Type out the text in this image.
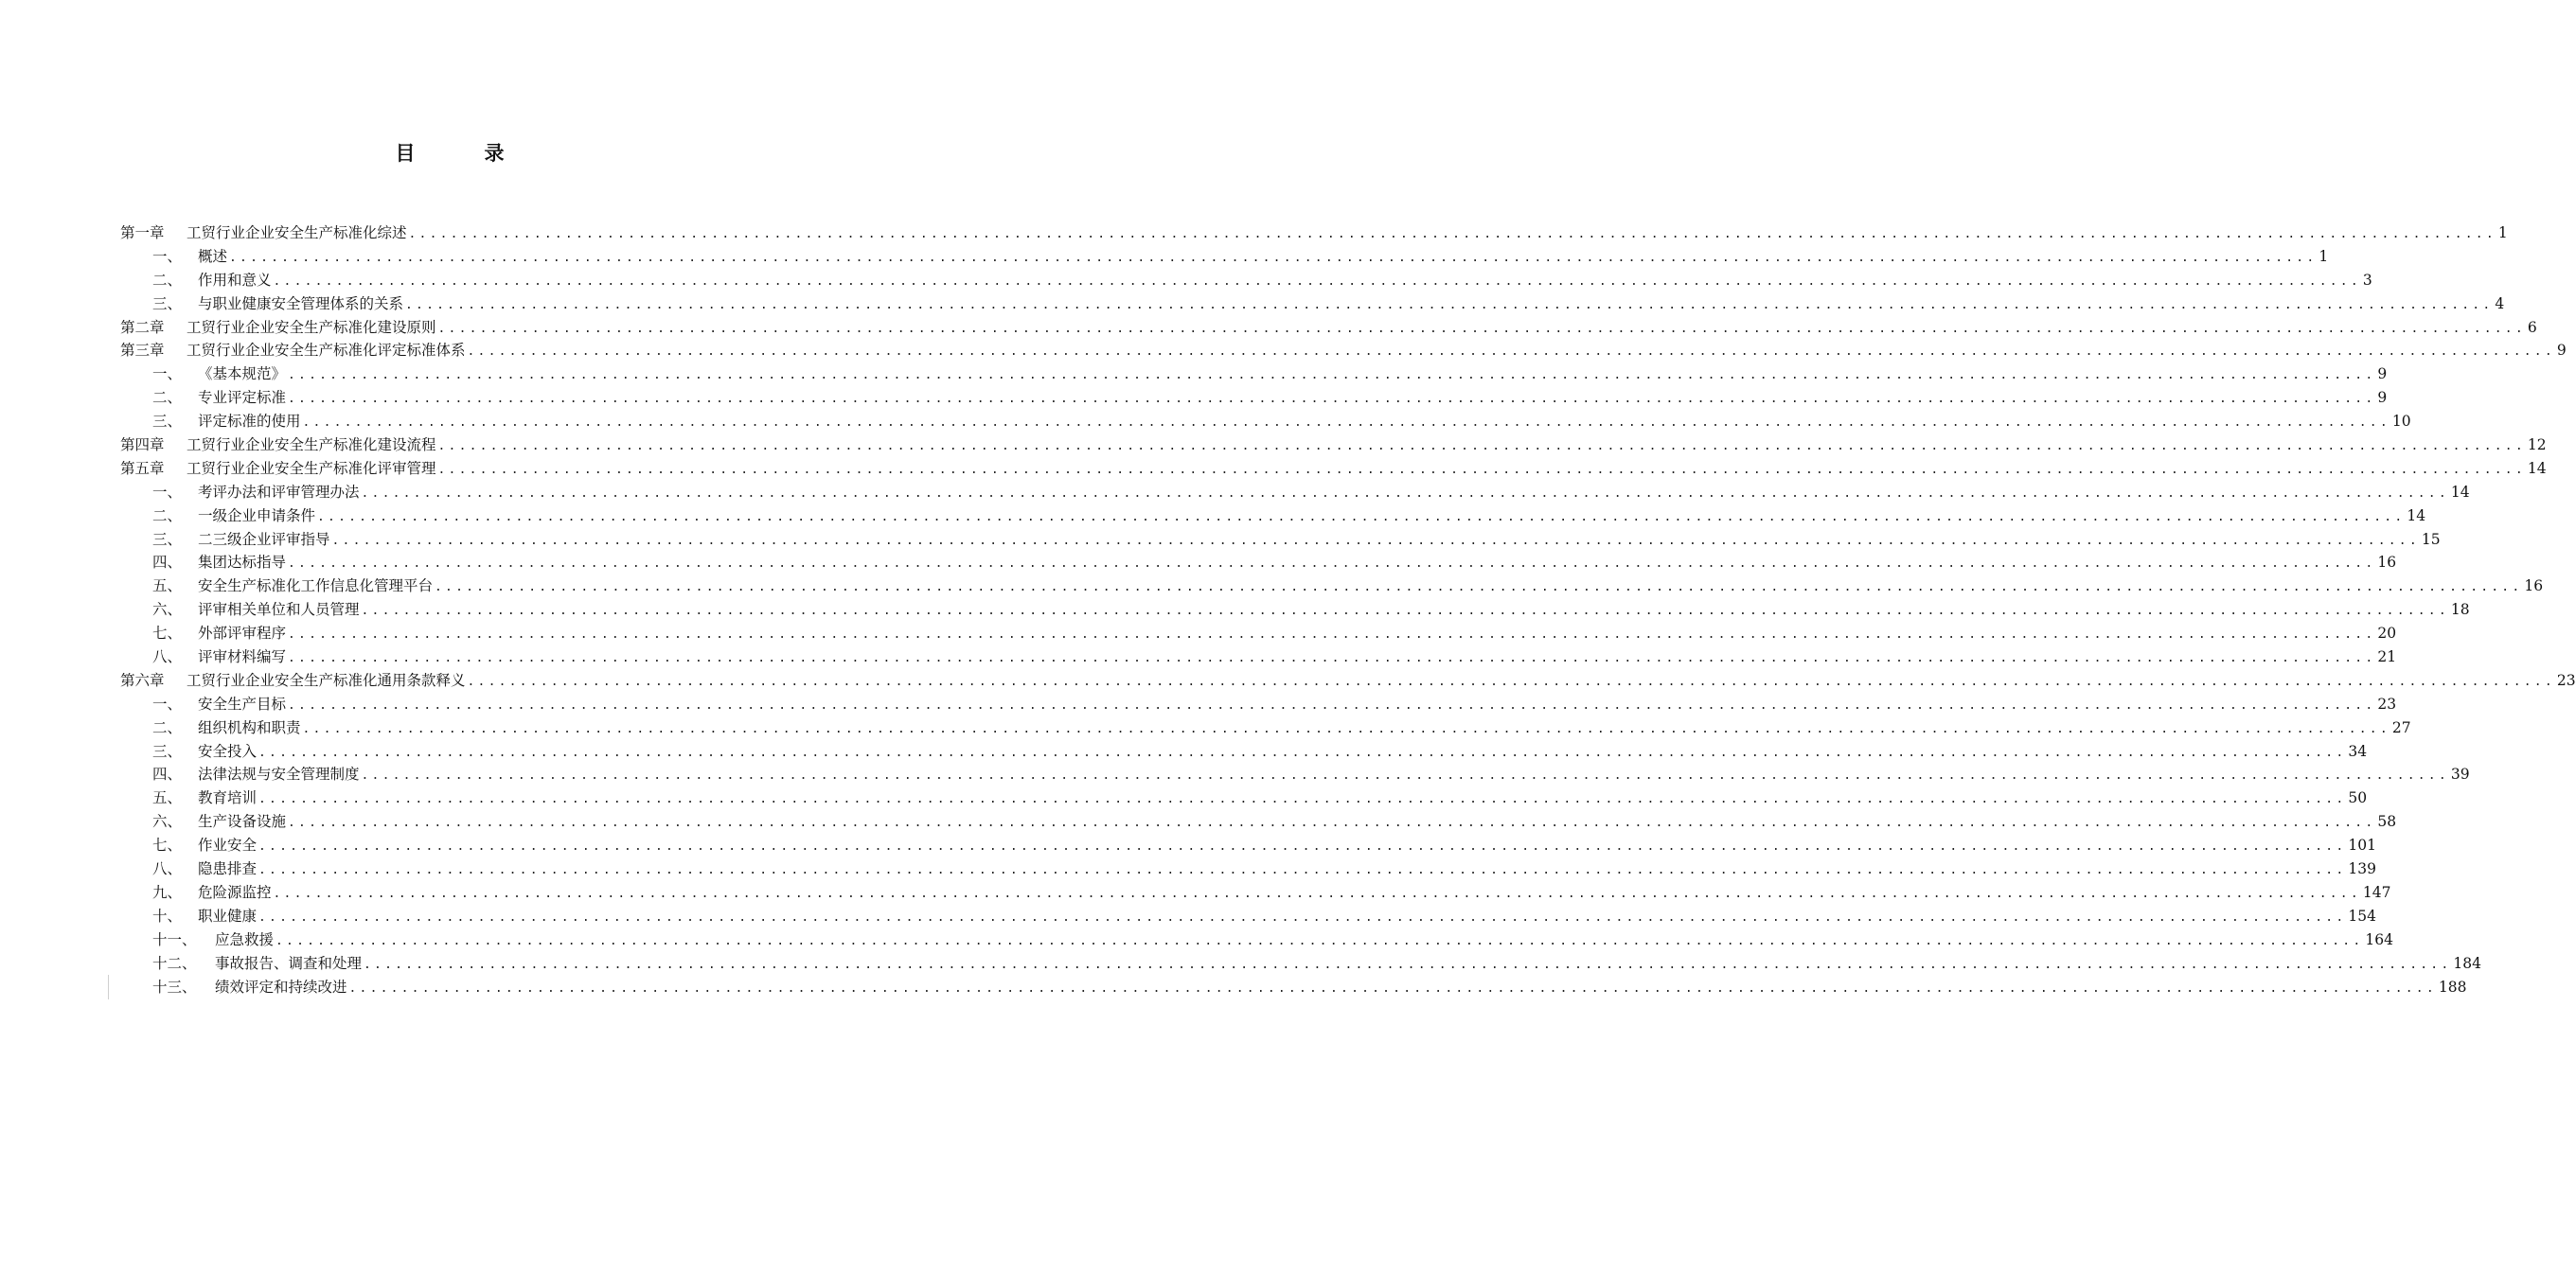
目　录
第一章	工贸行业企业安全生产标准化综述 ........................................................................................................................................................................................................ 1
一、	概述 ........................................................................................................................................................................................................ 1
二、	作用和意义 ........................................................................................................................................................................................................ 3
三、	与职业健康安全管理体系的关系 ........................................................................................................................................................................................................ 4
第二章	工贸行业企业安全生产标准化建设原则 ........................................................................................................................................................................................................ 6
第三章	工贸行业企业安全生产标准化评定标准体系 ........................................................................................................................................................................................................ 9
一、	《基本规范》 ........................................................................................................................................................................................................ 9
二、	专业评定标准 ........................................................................................................................................................................................................ 9
三、	评定标准的使用 ........................................................................................................................................................................................................ 10
第四章	工贸行业企业安全生产标准化建设流程 ........................................................................................................................................................................................................ 12
第五章	工贸行业企业安全生产标准化评审管理 ........................................................................................................................................................................................................ 14
一、	考评办法和评审管理办法 ........................................................................................................................................................................................................ 14
二、	一级企业申请条件 ........................................................................................................................................................................................................ 14
三、	二三级企业评审指导 ........................................................................................................................................................................................................ 15
四、	集团达标指导 ........................................................................................................................................................................................................ 16
五、	安全生产标准化工作信息化管理平台 ........................................................................................................................................................................................................ 16
六、	评审相关单位和人员管理 ........................................................................................................................................................................................................ 18
七、	外部评审程序 ........................................................................................................................................................................................................ 20
八、	评审材料编写 ........................................................................................................................................................................................................ 21
第六章	工贸行业企业安全生产标准化通用条款释义 ........................................................................................................................................................................................................ 23
一、	安全生产目标 ........................................................................................................................................................................................................ 23
二、	组织机构和职责 ........................................................................................................................................................................................................ 27
三、	安全投入 ........................................................................................................................................................................................................ 34
四、	法律法规与安全管理制度 ........................................................................................................................................................................................................ 39
五、	教育培训 ........................................................................................................................................................................................................ 50
六、	生产设备设施 ........................................................................................................................................................................................................ 58
七、	作业安全 ........................................................................................................................................................................................................ 101
八、	隐患排查 ........................................................................................................................................................................................................ 139
九、	危险源监控 ........................................................................................................................................................................................................ 147
十、	职业健康 ........................................................................................................................................................................................................ 154
十一、	应急救援 ........................................................................................................................................................................................................ 164
十二、	事故报告、调查和处理 ........................................................................................................................................................................................................ 184
十三、	绩效评定和持续改进 ........................................................................................................................................................................................................ 188
